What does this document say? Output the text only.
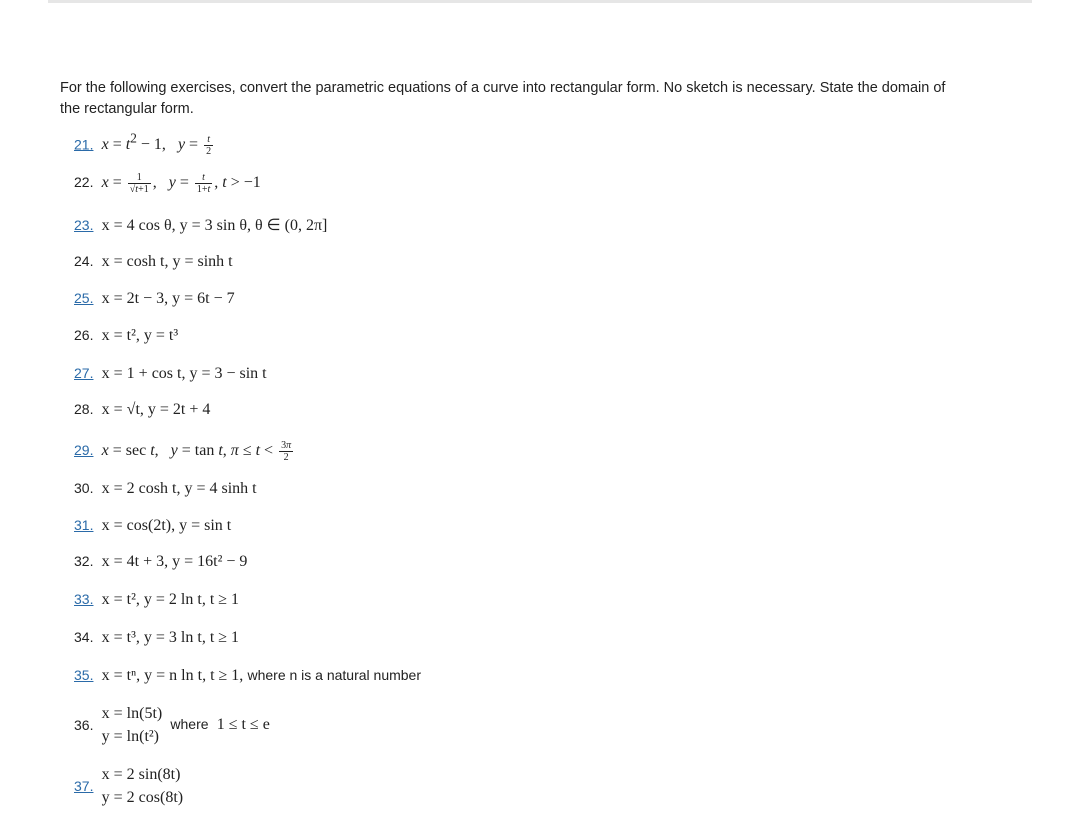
For the following exercises, convert the parametric equations of a curve into rectangular form. No sketch is necessary. State the domain of the rectangular form.

21. $x = t^2 - 1$,   $y = \frac{t}{2}$
22. $x = \frac{1}{√t+1}$ ,   $y = \frac{t}{1+t}$ , t > −1
23. x = 4 cos θ, y = 3 sin θ, θ ∈ (0, 2π]
24. x = cosh t, y = sinh t
25. x = 2t − 3, y = 6t − 7
26. x = t², y = t³
27. x = 1 + cos t, y = 3 − sin t
28. x = √t, y = 2t + 4
29. x = sec t,   y = tan t, $\pi \le t < \frac{3\pi}{2}$
30. x = 2 cosh t, y = 4 sinh t
31. x = cos(2t), y = sin t
32. x = 4t + 3, y = 16t² − 9
33. x = t², y = 2 ln t, t ≥ 1
34. x = t³, y = 3 ln t, t ≥ 1
35. x = tⁿ, y = n ln t, t ≥ 1, where n is a natural number
36.
x = ln(5t)
y = ln(t²)
where 1 ≤ t ≤ e
37.
x = 2 sin(8t)
y = 2 cos(8t)
